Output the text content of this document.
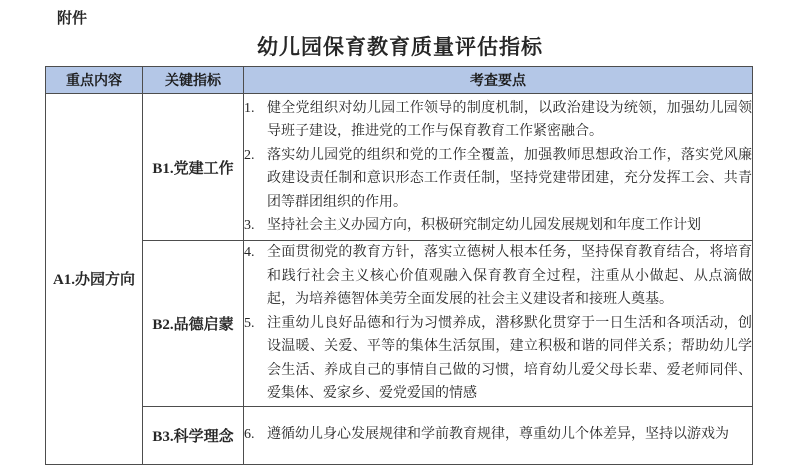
附件
幼儿园保育教育质量评估指标
重点内容	关键指标	考查要点
A1.办园方向	B1.党建工作	
1. 健全党组织对幼儿园工作领导的制度机制，以政治建设为统领，加强幼儿园领导班子建设，推进党的工作与保育教育工作紧密融合。
2. 落实幼儿园党的组织和党的工作全覆盖，加强教师思想政治工作，落实党风廉政建设责任制和意识形态工作责任制，坚持党建带团建，充分发挥工会、共青团等群团组织的作用。
3. 坚持社会主义办园方向，积极研究制定幼儿园发展规划和年度工作计划

	B2.品德启蒙	4. 全面贯彻党的教育方针，落实立德树人根本任务，坚持保育教育结合，将培育和践行社会主义核心价值观融入保育教育全过程，注重从小做起、从点滴做起，为培养德智体美劳全面发展的社会主义建设者和接班人奠基。
5. 注重幼儿良好品德和行为习惯养成，潜移默化贯穿于一日生活和各项活动，创设温暖、关爱、平等的集体生活氛围，建立积极和谐的同伴关系；帮助幼儿学会生活、养成自己的事情自己做的习惯，培育幼儿爱父母长辈、爱老师同伴、爱集体、爱家乡、爱党爱国的情感

	B3.科学理念	6. 遵循幼儿身心发展规律和学前教育规律，尊重幼儿个体差异，坚持以游戏为
